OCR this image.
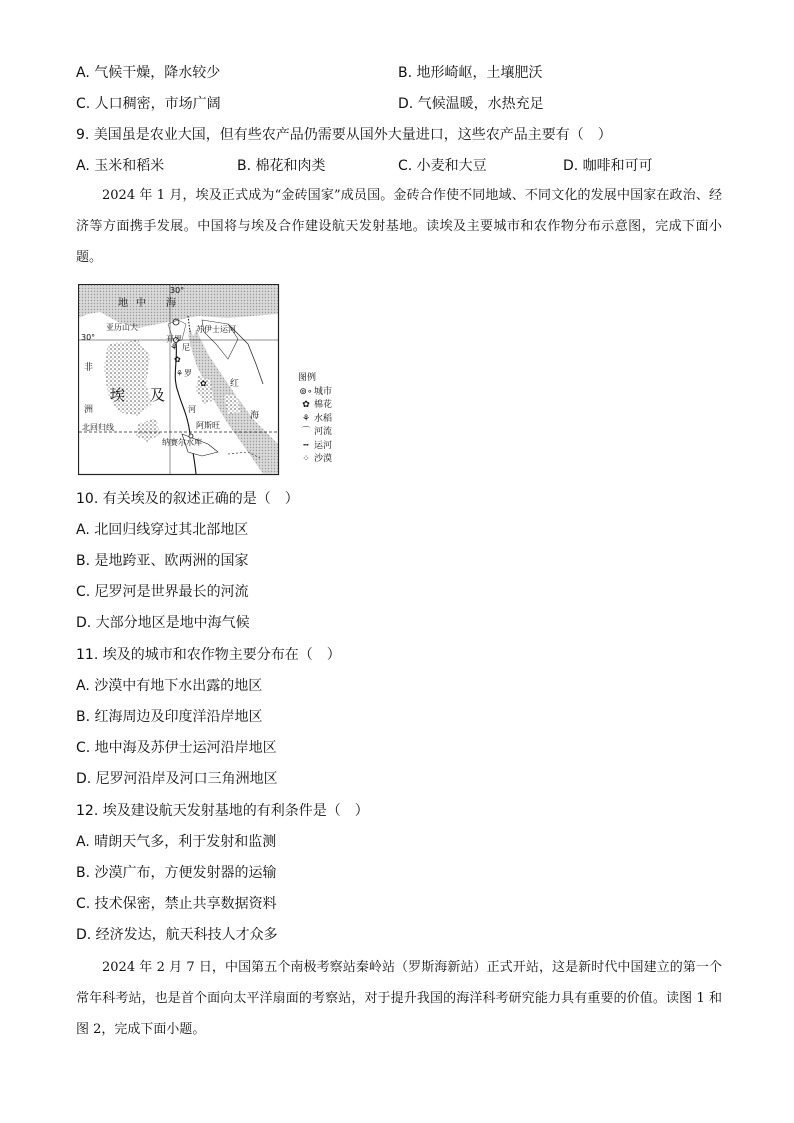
A. 气候干燥，降水较少	B. 地形崎岖，土壤肥沃
C. 人口稠密，市场广阔	D. 气候温暖，水热充足
9. 美国虽是农业大国，但有些农产品仍需要从国外大量进口，这些农产品主要有（　）
A. 玉米和稻米	B. 棉花和肉类	C. 小麦和大豆	D. 咖啡和可可
2024 年 1 月，埃及正式成为“金砖国家”成员国。金砖合作使不同地域、不同文化的发展中国家在政治、经济等方面携手发展。中国将与埃及合作建设航天发射基地。读埃及主要城市和农作物分布示意图，完成下面小题。
⚘
✿
✿
⚘
30°
30°
地 中 海
亚历山大	苏伊士运河
开罗
尼
罗
河
埃 及
非
洲
红
海
阿斯旺
北回归线
纳赛尔水库
图例
⊚∘ 城市
✿ 棉花
⚘ 水稻
⌒ 河流
┅ 运河
⁘ 沙漠
10. 有关埃及的叙述正确的是（　）
A. 北回归线穿过其北部地区
B. 是地跨亚、欧两洲的国家
C. 尼罗河是世界最长的河流
D. 大部分地区是地中海气候
11. 埃及的城市和农作物主要分布在（　）
A. 沙漠中有地下水出露的地区
B. 红海周边及印度洋沿岸地区
C. 地中海及苏伊士运河沿岸地区
D. 尼罗河沿岸及河口三角洲地区
12. 埃及建设航天发射基地的有利条件是（　）
A. 晴朗天气多，利于发射和监测
B. 沙漠广布，方便发射器的运输
C. 技术保密，禁止共享数据资料
D. 经济发达，航天科技人才众多
2024 年 2 月 7 日，中国第五个南极考察站秦岭站（罗斯海新站）正式开站，这是新时代中国建立的第一个常年科考站，也是首个面向太平洋扇面的考察站，对于提升我国的海洋科考研究能力具有重要的价值。读图 1 和图 2，完成下面小题。
